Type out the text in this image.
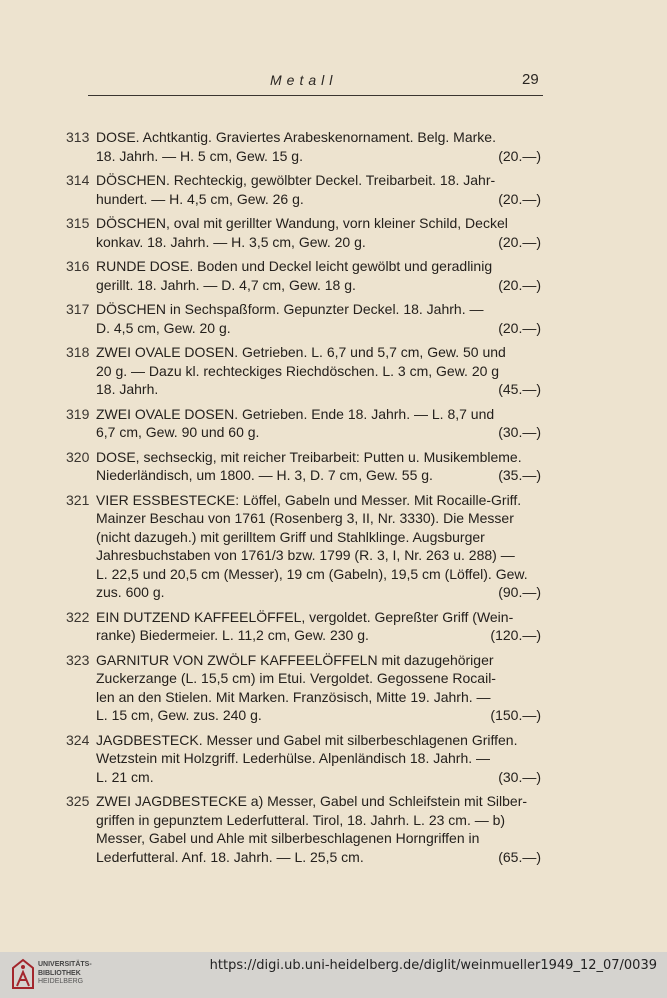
Metall	29
313 DOSE. Achtkantig. Graviertes Arabeskenornament. Belg. Marke.
(20.—)
18. Jahrh. — H. 5 cm, Gew. 15 g.
314 DÖSCHEN. Rechteckig, gewölbter Deckel. Treibarbeit. 18. Jahr-
(20.—)
hundert. — H. 4,5 cm, Gew. 26 g.
315 DÖSCHEN, oval mit gerillter Wandung, vorn kleiner Schild, Deckel
(20.—)
konkav. 18. Jahrh. — H. 3,5 cm, Gew. 20 g.
316 RUNDE DOSE. Boden und Deckel leicht gewölbt und geradlinig
(20.—)
gerillt. 18. Jahrh. — D. 4,7 cm, Gew. 18 g.
317 DÖSCHEN in Sechspaßform. Gepunzter Deckel. 18. Jahrh. —
(20.—)
D. 4,5 cm, Gew. 20 g.
318 ZWEI OVALE DOSEN. Getrieben. L. 6,7 und 5,7 cm, Gew. 50 und
20 g. — Dazu kl. rechteckiges Riechdöschen. L. 3 cm, Gew. 20 g
(45.—)
18. Jahrh.
319 ZWEI OVALE DOSEN. Getrieben. Ende 18. Jahrh. — L. 8,7 und
(30.—)
6,7 cm, Gew. 90 und 60 g.
320 DOSE, sechseckig, mit reicher Treibarbeit: Putten u. Musikembleme.
(35.—)
Niederländisch, um 1800. — H. 3, D. 7 cm, Gew. 55 g.
321 VIER ESSBESTECKE: Löffel, Gabeln und Messer. Mit Rocaille-Griff.
Mainzer Beschau von 1761 (Rosenberg 3, II, Nr. 3330). Die Messer
(nicht dazugeh.) mit gerilltem Griff und Stahlklinge. Augsburger
Jahresbuchstaben von 1761/3 bzw. 1799 (R. 3, I, Nr. 263 u. 288) —
L. 22,5 und 20,5 cm (Messer), 19 cm (Gabeln), 19,5 cm (Löffel). Gew.
(90.—)
zus. 600 g.
322 EIN DUTZEND KAFFEELÖFFEL, vergoldet. Gepreßter Griff (Wein-
(120.—)
ranke) Biedermeier. L. 11,2 cm, Gew. 230 g.
323 GARNITUR VON ZWÖLF KAFFEELÖFFELN mit dazugehöriger
Zuckerzange (L. 15,5 cm) im Etui. Vergoldet. Gegossene Rocail-
len an den Stielen. Mit Marken. Französisch, Mitte 19. Jahrh. —
(150.—)
L. 15 cm, Gew. zus. 240 g.
324 JAGDBESTECK. Messer und Gabel mit silberbeschlagenen Griffen.
Wetzstein mit Holzgriff. Lederhülse. Alpenländisch 18. Jahrh. —
(30.—)
L. 21 cm.
325 ZWEI JAGDBESTECKE a) Messer, Gabel und Schleifstein mit Silber-
griffen in gepunztem Lederfutteral. Tirol, 18. Jahrh. L. 23 cm. — b)
Messer, Gabel und Ahle mit silberbeschlagenen Horngriffen in
(65.—)
Lederfutteral. Anf. 18. Jahrh. — L. 25,5 cm.
UNIVERSITÄTS-
BIBLIOTHEK
HEIDELBERG
https://digi.ub.uni-heidelberg.de/diglit/weinmueller1949_12_07/0039
